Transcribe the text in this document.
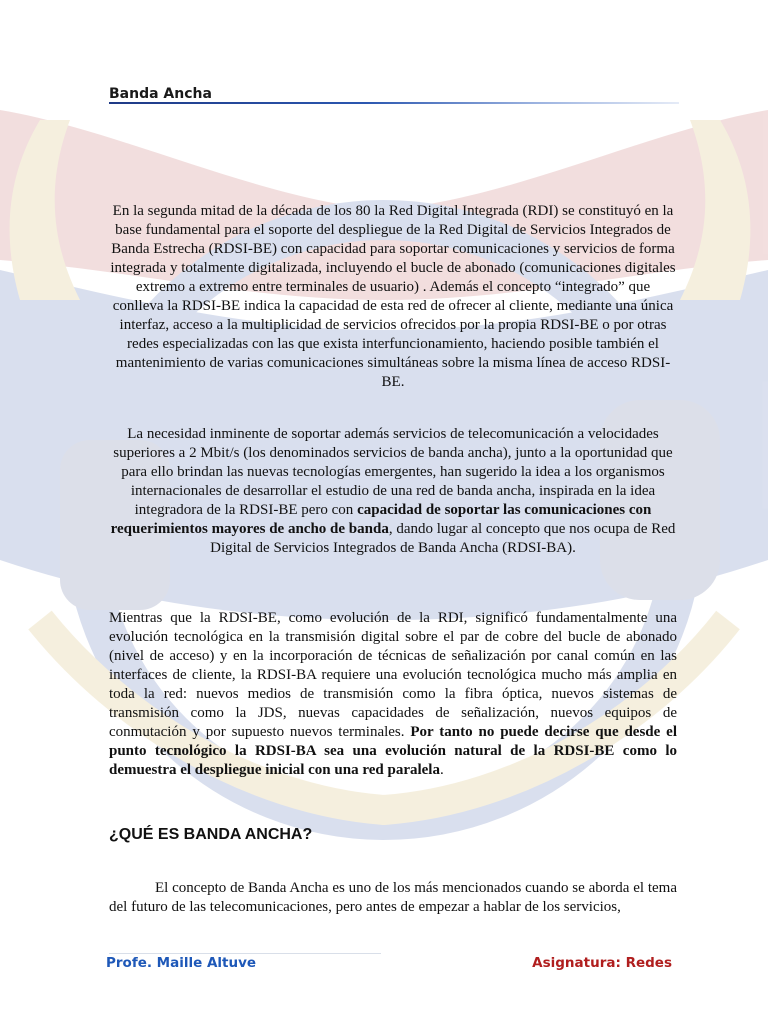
Banda Ancha

En la segunda mitad de la década de los 80 la Red Digital Integrada (RDI) se constituyó en la base fundamental para el soporte del despliegue de la Red Digital de Servicios Integrados de Banda Estrecha (RDSI-BE) con capacidad para soportar comunicaciones y servicios de forma integrada y totalmente digitalizada, incluyendo el bucle de abonado (comunicaciones digitales extremo a extremo entre terminales de usuario) . Además el concepto “integrado” que conlleva la RDSI-BE indica la capacidad de esta red de ofrecer al cliente, mediante una única interfaz, acceso a la multiplicidad de servicios ofrecidos por la propia RDSI-BE o por otras redes especializadas con las que exista interfuncionamiento, haciendo posible también el mantenimiento de varias comunicaciones simultáneas sobre la misma línea de acceso RDSI-BE.

La necesidad inminente de soportar además servicios de telecomunicación a velocidades superiores a 2 Mbit/s (los denominados servicios de banda ancha), junto a la oportunidad que para ello brindan las nuevas tecnologías emergentes, han sugerido la idea a los organismos internacionales de desarrollar el estudio de una red de banda ancha, inspirada en la idea integradora de la RDSI-BE pero con capacidad de soportar las comunicaciones con requerimientos mayores de ancho de banda, dando lugar al concepto que nos ocupa de Red Digital de Servicios Integrados de Banda Ancha (RDSI-BA).

Mientras que la RDSI-BE, como evolución de la RDI, significó fundamentalmente una evolución tecnológica en la transmisión digital sobre el par de cobre del bucle de abonado (nivel de acceso) y en la incorporación de técnicas de señalización por canal común en las interfaces de cliente, la RDSI-BA requiere una evolución tecnológica mucho más amplia en toda la red: nuevos medios de transmisión como la fibra óptica, nuevos sistemas de transmisión como la JDS, nuevas capacidades de señalización, nuevos equipos de conmutación y por supuesto nuevos terminales. Por tanto no puede decirse que desde el punto tecnológico la RDSI-BA sea una evolución natural de la RDSI-BE como lo demuestra el despliegue inicial con una red paralela.

¿QUÉ ES BANDA ANCHA?

El concepto de Banda Ancha es uno de los más mencionados cuando se aborda el tema del futuro de las telecomunicaciones, pero antes de empezar a hablar de los servicios,

Profe. Maille Altuve	Asignatura: Redes
